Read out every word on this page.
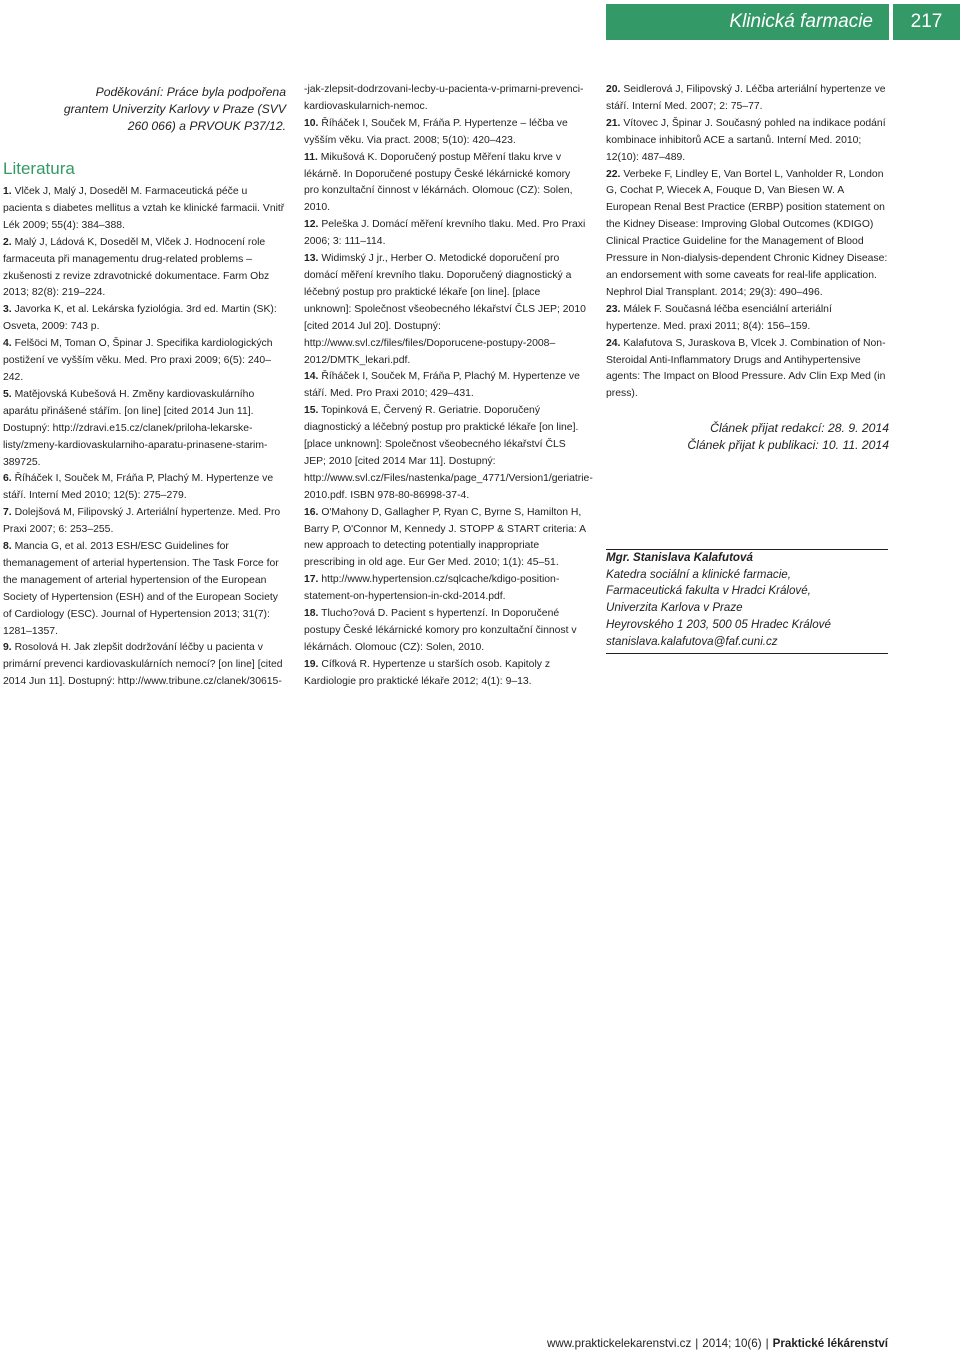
Klinická farmacie 217
Poděkování: Práce byla podpořena grantem Univerzity Karlovy v Praze (SVV 260 066) a PRVOUK P37/12.
Literatura

1. Vlček J, Malý J, Doseděl M. Farmaceutická péče u pacienta s diabetes mellitus a vztah ke klinické farmacii. Vnitř Lék 2009; 55(4): 384–388.

2. Malý J, Ládová K, Doseděl M, Vlček J. Hodnocení role farmaceuta při managementu drug-related problems – zkušenosti z revize zdravotnické dokumentace. Farm Obz 2013; 82(8): 219–224.

3. Javorka K, et al. Lekárska fyziológia. 3rd ed. Martin (SK): Osveta, 2009: 743 p.

4. Felšöci M, Toman O, Špinar J. Specifika kardiologických postižení ve vyšším věku. Med. Pro praxi 2009; 6(5): 240–242.

5. Matějovská Kubešová H. Změny kardiovaskulárního aparátu přinášené stářím. [on line] [cited 2014 Jun 11]. Dostupný: http://zdravi.e15.cz/clanek/priloha-lekarske-listy/zmeny-kardiovaskularniho-aparatu-prinasene-starim-389725.

6. Říháček I, Souček M, Fráňa P, Plachý M. Hypertenze ve stáří. Interní Med 2010; 12(5): 275–279.

7. Dolejšová M, Filipovský J. Arteriální hypertenze. Med. Pro Praxi 2007; 6: 253–255.

8. Mancia G, et al. 2013 ESH/ESC Guidelines for themanagement of arterial hypertension. The Task Force for the management of arterial hypertension of the European Society of Hypertension (ESH) and of the European Society of Cardiology (ESC). Journal of Hypertension 2013; 31(7): 1281–1357.

9. Rosolová H. Jak zlepšit dodržování léčby u pacienta v primární prevenci kardiovaskulárních nemocí? [on line] [cited 2014 Jun 11]. Dostupný: http://www.tribune.cz/clanek/30615-

-jak-zlepsit-dodrzovani-lecby-u-pacienta-v-primarni-prevenci-kardiovaskularnich-nemoc.

10. Říháček I, Souček M, Fráňa P. Hypertenze – léčba ve vyšším věku. Via pract. 2008; 5(10): 420–423.

11. Mikušová K. Doporučený postup Měření tlaku krve v lékárně. In Doporučené postupy České lékárnické komory pro konzultační činnost v lékárnách. Olomouc (CZ): Solen, 2010.

12. Peleška J. Domácí měření krevního tlaku. Med. Pro Praxi 2006; 3: 111–114.

13. Widimský J jr., Herber O. Metodické doporučení pro domácí měření krevního tlaku. Doporučený diagnostický a léčebný postup pro praktické lékaře [on line]. [place unknown]: Společnost všeobecného lékařství ČLS JEP; 2010 [cited 2014 Jul 20]. Dostupný: http://www.svl.cz/files/files/Doporucene-postupy-2008–2012/DMTK_lekari.pdf.

14. Říháček I, Souček M, Fráňa P, Plachý M. Hypertenze ve stáří. Med. Pro Praxi 2010; 429–431.

15. Topinková E, Červený R. Geriatrie. Doporučený diagnostický a léčebný postup pro praktické lékaře [on line]. [place unknown]: Společnost všeobecného lékařství ČLS JEP; 2010 [cited 2014 Mar 11]. Dostupný: http://www.svl.cz/Files/nastenka/page_4771/Version1/geriatrie-2010.pdf. ISBN 978-80-86998-37-4.

16. O'Mahony D, Gallagher P, Ryan C, Byrne S, Hamilton H, Barry P, O'Connor M, Kennedy J. STOPP & START criteria: A new approach to detecting potentially inappropriate prescribing in old age. Eur Ger Med. 2010; 1(1): 45–51.

17. http://www.hypertension.cz/sqlcache/kdigo-position-statement-on-hypertension-in-ckd-2014.pdf.

18. Tlucho?ová D. Pacient s hypertenzí. In Doporučené postupy České lékárnické komory pro konzultační činnost v lékárnách. Olomouc (CZ): Solen, 2010.

19. Cífková R. Hypertenze u starších osob. Kapitoly z Kardiologie pro praktické lékaře 2012; 4(1): 9–13.

20. Seidlerová J, Filipovský J. Léčba arteriální hypertenze ve stáří. Interní Med. 2007; 2: 75–77.

21. Vítovec J, Špinar J. Současný pohled na indikace podání kombinace inhibitorů ACE a sartanů. Interní Med. 2010; 12(10): 487–489.

22. Verbeke F, Lindley E, Van Bortel L, Vanholder R, London G, Cochat P, Wiecek A, Fouque D, Van Biesen W. A European Renal Best Practice (ERBP) position statement on the Kidney Disease: Improving Global Outcomes (KDIGO) Clinical Practice Guideline for the Management of Blood Pressure in Non-dialysis-dependent Chronic Kidney Disease: an endorsement with some caveats for real-life application. Nephrol Dial Transplant. 2014; 29(3): 490–496.

23. Málek F. Současná léčba esenciální arteriální hypertenze. Med. praxi 2011; 8(4): 156–159.

24. Kalafutova S, Juraskova B, Vlcek J. Combination of Non-Steroidal Anti-Inflammatory Drugs and Antihypertensive agents: The Impact on Blood Pressure. Adv Clin Exp Med (in press).

Článek přijat redakcí: 28. 9. 2014
Článek přijat k publikaci: 10. 11. 2014
Mgr. Stanislava Kalafutová
Katedra sociální a klinické farmacie,
Farmaceutická fakulta v Hradci Králové,
Univerzita Karlova v Praze
Heyrovského 1 203, 500 05 Hradec Králové
stanislava.kalafutova@faf.cuni.cz
www.praktickelekarenstvi.cz | 2014; 10(6) | Praktické lékárenství
